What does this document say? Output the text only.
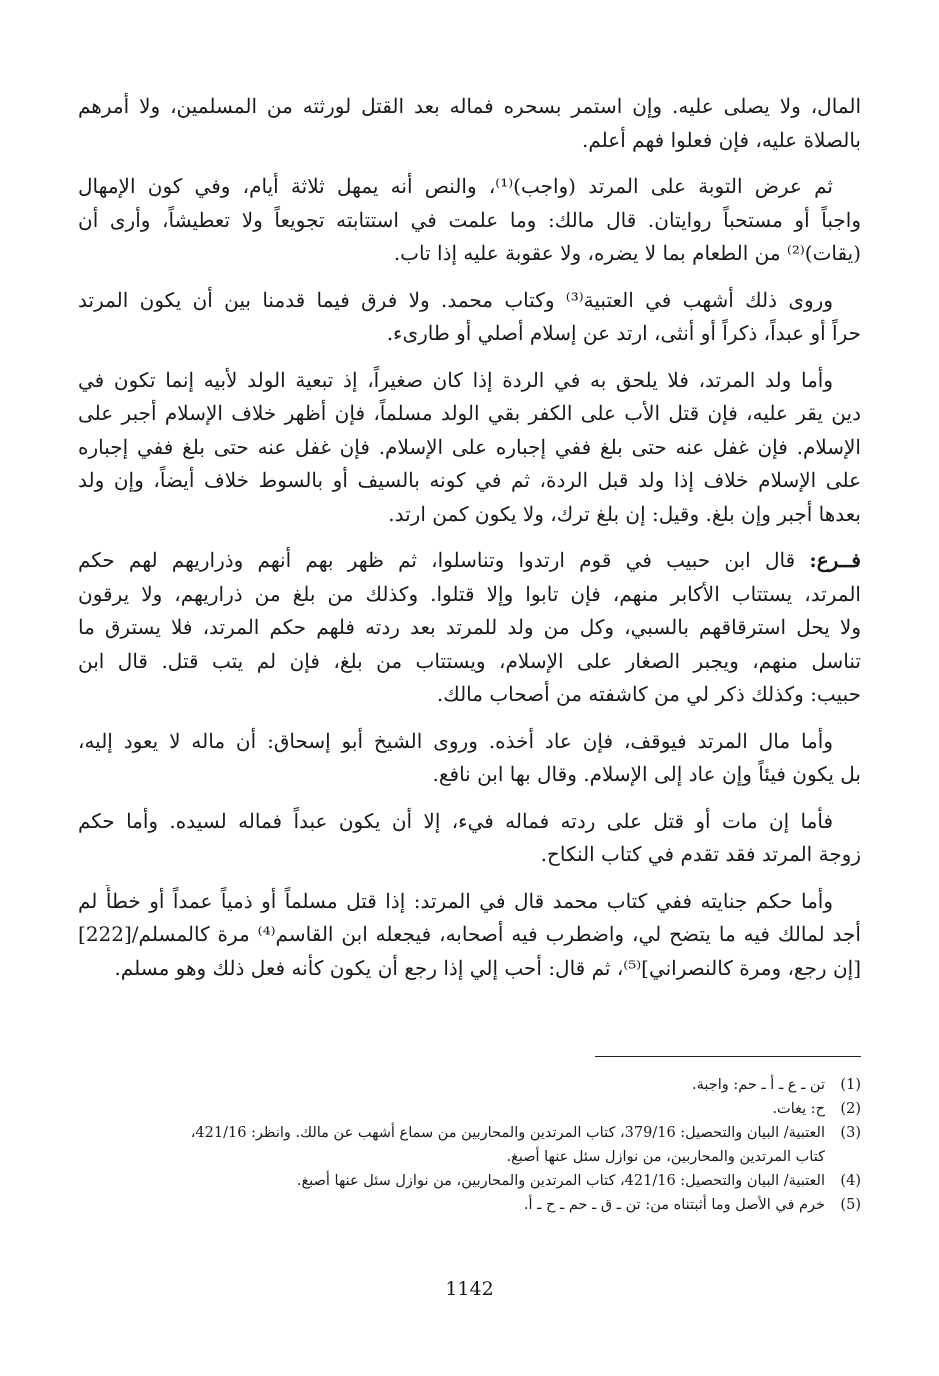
المال، ولا يصلى عليه. وإن استمر بسحره فماله بعد القتل لورثته من المسلمين، ولا أمرهم
بالصلاة عليه، فإن فعلوا فهم أعلم.
ثم عرض التوبة على المرتد (واجب)⁽¹⁾، والنص أنه يمهل ثلاثة أيام، وفي كون الإمهال
واجباً أو مستحباً روايتان. قال مالك: وما علمت في استتابته تجويعاً ولا تعطيشاً، وأرى أن
(يقات)⁽²⁾ من الطعام بما لا يضره، ولا عقوبة عليه إذا تاب.
وروى ذلك أشهب في العتبية⁽³⁾ وكتاب محمد. ولا فرق فيما قدمنا بين أن يكون المرتد
حراً أو عبداً، ذكراً أو أنثى، ارتد عن إسلام أصلي أو طارىء.
وأما ولد المرتد، فلا يلحق به في الردة إذا كان صغيراً، إذ تبعية الولد لأبيه إنما تكون في
دين يقر عليه، فإن قتل الأب على الكفر بقي الولد مسلماً، فإن أظهر خلاف الإسلام أجبر على
الإسلام. فإن غفل عنه حتى بلغ ففي إجباره على الإسلام. فإن غفل عنه حتى بلغ ففي إجباره
على الإسلام خلاف إذا ولد قبل الردة، ثم في كونه بالسيف أو بالسوط خلاف أيضاً، وإن ولد
بعدها أجبر وإن بلغ. وقيل: إن بلغ ترك، ولا يكون كمن ارتد.
فــرع: قال ابن حبيب في قوم ارتدوا وتناسلوا، ثم ظهر بهم أنهم وذراريهم لهم حكم
المرتد، يستتاب الأكابر منهم، فإن تابوا وإلا قتلوا. وكذلك من بلغ من ذراريهم، ولا يرقون
ولا يحل استرقاقهم بالسبي، وكل من ولد للمرتد بعد ردته فلهم حكم المرتد، فلا يسترق ما
تناسل منهم، ويجبر الصغار على الإسلام، ويستتاب من بلغ، فإن لم يتب قتل. قال ابن
حبيب: وكذلك ذكر لي من كاشفته من أصحاب مالك.
وأما مال المرتد فيوقف، فإن عاد أخذه. وروى الشيخ أبو إسحاق: أن ماله لا يعود إليه،
بل يكون فيئاً وإن عاد إلى الإسلام. وقال بها ابن نافع.
فأما إن مات أو قتل على ردته فماله فيء، إلا أن يكون عبداً فماله لسيده. وأما حكم
زوجة المرتد فقد تقدم في كتاب النكاح.
وأما حكم جنايته ففي كتاب محمد قال في المرتد: إذا قتل مسلماً أو ذمياً عمداً أو خطأً لم
أجد لمالك فيه ما يتضح لي، واضطرب فيه أصحابه، فيجعله ابن القاسم⁽⁴⁾ مرة كالمسلم/[222]
[إن رجع، ومرة كالنصراني]⁽⁵⁾، ثم قال: أحب إلي إذا رجع أن يكون كأنه فعل ذلك وهو مسلم.
(1)
تن ـ ع ـ أ ـ حم: واجبة.
(2)
ح: يغات.
(3)
العتبية/ البيان والتحصيل: 379/16، كتاب المرتدين والمحاربين من سماع أشهب عن مالك. وانظر: 421/16،
كتاب المرتدين والمحاربين، من نوازل سئل عنها أصبغ.
(4)
العتبية/ البيان والتحصيل: 421/16، كتاب المرتدين والمحاربين، من نوازل سئل عنها أصبغ.
(5)
خرم في الأصل وما أثبتناه من: تن ـ ق ـ حم ـ ح ـ أ.
1142
